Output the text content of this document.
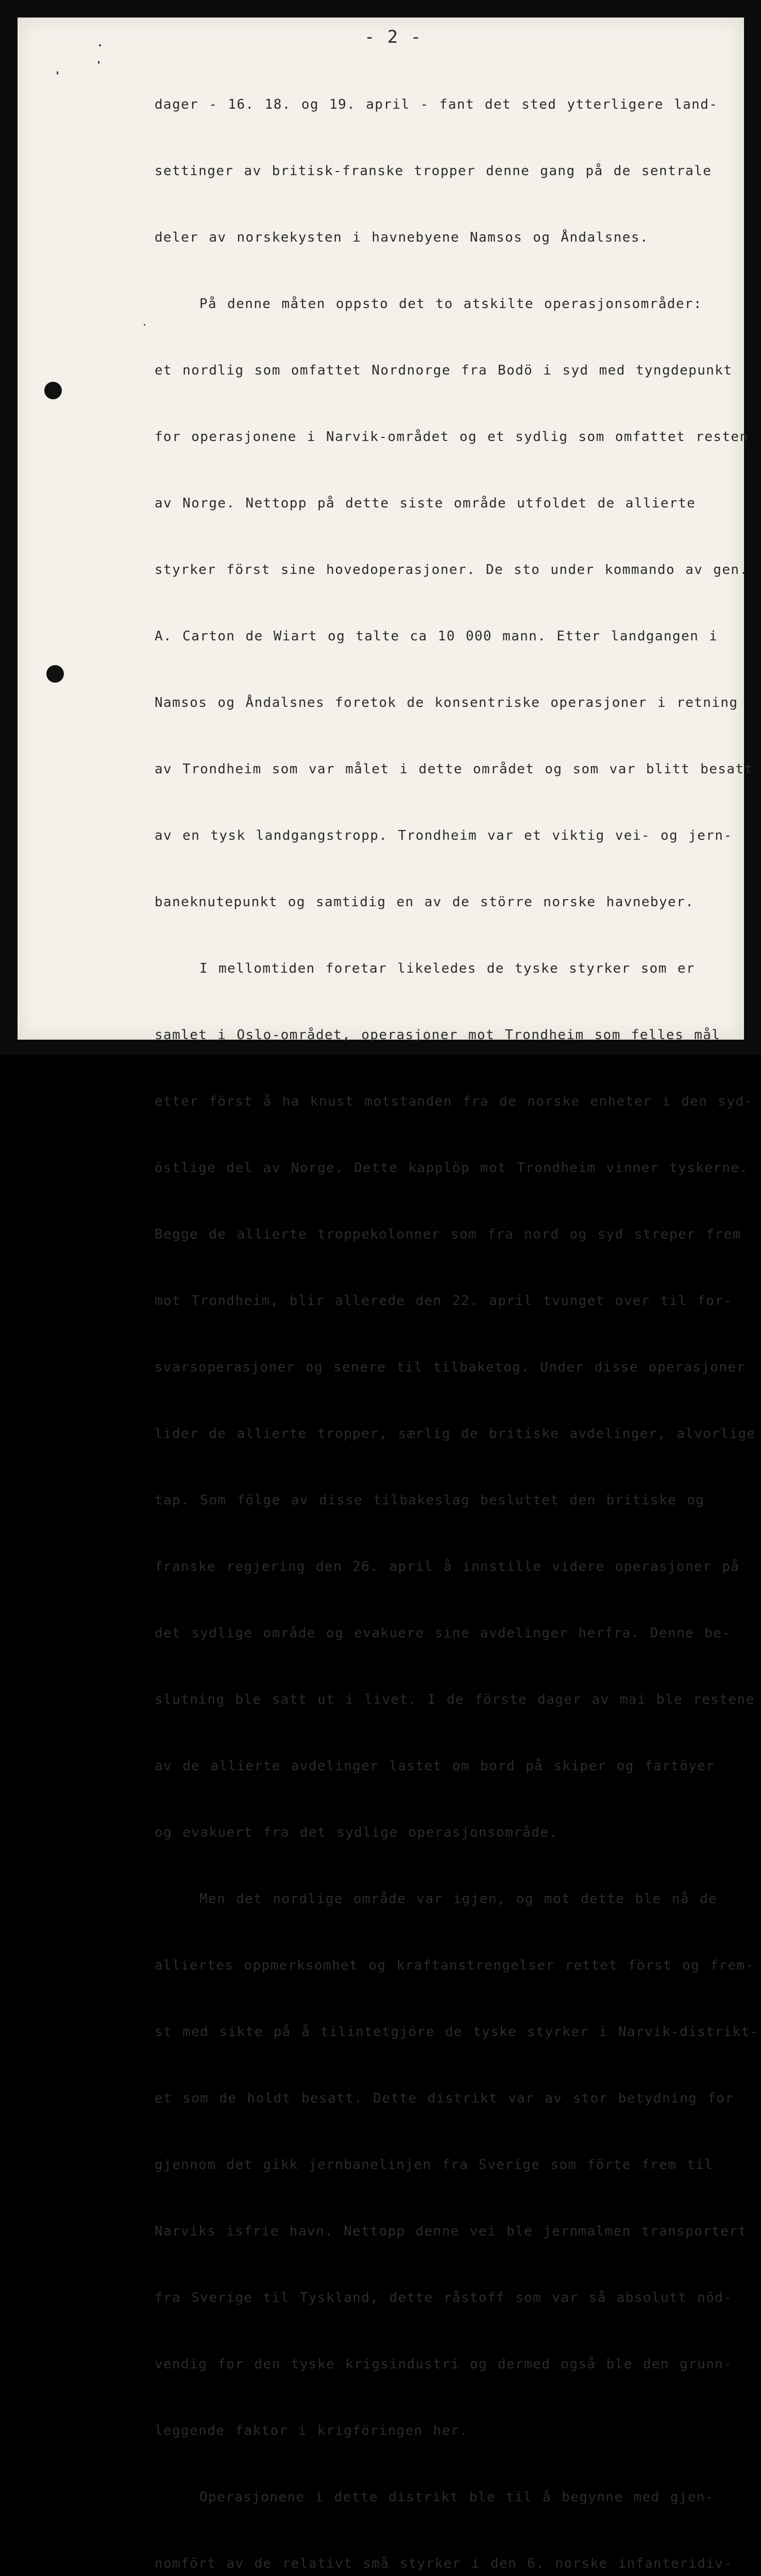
- 2 -

dager - 16. 18. og 19. april - fant det sted ytterligere land-

settinger av britisk-franske tropper denne gang på de sentrale

deler av norskekysten i havnebyene Namsos og Åndalsnes.

På denne måten oppsto det to atskilte operasjonsområder:

et nordlig som omfattet Nordnorge fra Bodö i syd med tyngdepunkt

for operasjonene i Narvik-området og et sydlig som omfattet resten

av Norge. Nettopp på dette siste område utfoldet de allierte

styrker först sine hovedoperasjoner. De sto under kommando av gen.

A. Carton de Wiart og talte ca 10 000 mann. Etter landgangen i

Namsos og Åndalsnes foretok de konsentriske operasjoner i retning

av Trondheim som var målet i dette området og som var blitt besatt

av en tysk landgangstropp. Trondheim var et viktig vei- og jern-

baneknutepunkt og samtidig en av de större norske havnebyer.

I mellomtiden foretar likeledes de tyske styrker som er

samlet i Oslo-området, operasjoner mot Trondheim som felles mål

etter först å ha knust motstanden fra de norske enheter i den syd-

östlige del av Norge. Dette kapplöp mot Trondheim vinner tyskerne.

Begge de allierte troppekolonner som fra nord og syd streper frem

mot Trondheim, blir allerede den 22. april tvunget over til for-

svarsoperasjoner og senere til tilbaketog. Under disse operasjoner

lider de allierte tropper, særlig de britiske avdelinger, alvorlige

tap. Som fölge av disse tilbakeslag besluttet den britiske og

franske regjering den 26. april å innstille videre operasjoner på

det sydlige område og evakuere sine avdelinger herfra. Denne be-

slutning ble satt ut i livet. I de förste dager av mai ble restene

av de allierte avdelinger lastet om bord på skiper og fartöyer

og evakuert fra det sydlige operasjonsområde.

Men det nordlige område var igjen, og mot dette ble nå de

alliertes oppmerksomhet og kraftanstrengelser rettet först og frem-

st med sikte på å tilintetgjöre de tyske styrker i Narvik-distrikt-

et som de holdt besatt. Dette distrikt var av stor betydning for

gjennom det gikk jernbanelinjen fra Sverige som förte frem til

Narviks isfrie havn. Nettopp denne vei ble jernmalmen transportert

fra Sverige til Tyskland, dette råstoff som var så absolutt nöd-

vendig for den tyske krigsindustri og dermed også ble den grunn-

leggende faktor i krigföringen her.

Operasjonene i dette distrikt ble til å begynne med gjen-

nomfört av de relativt små styrker i den 6. norske infanteridiv-
